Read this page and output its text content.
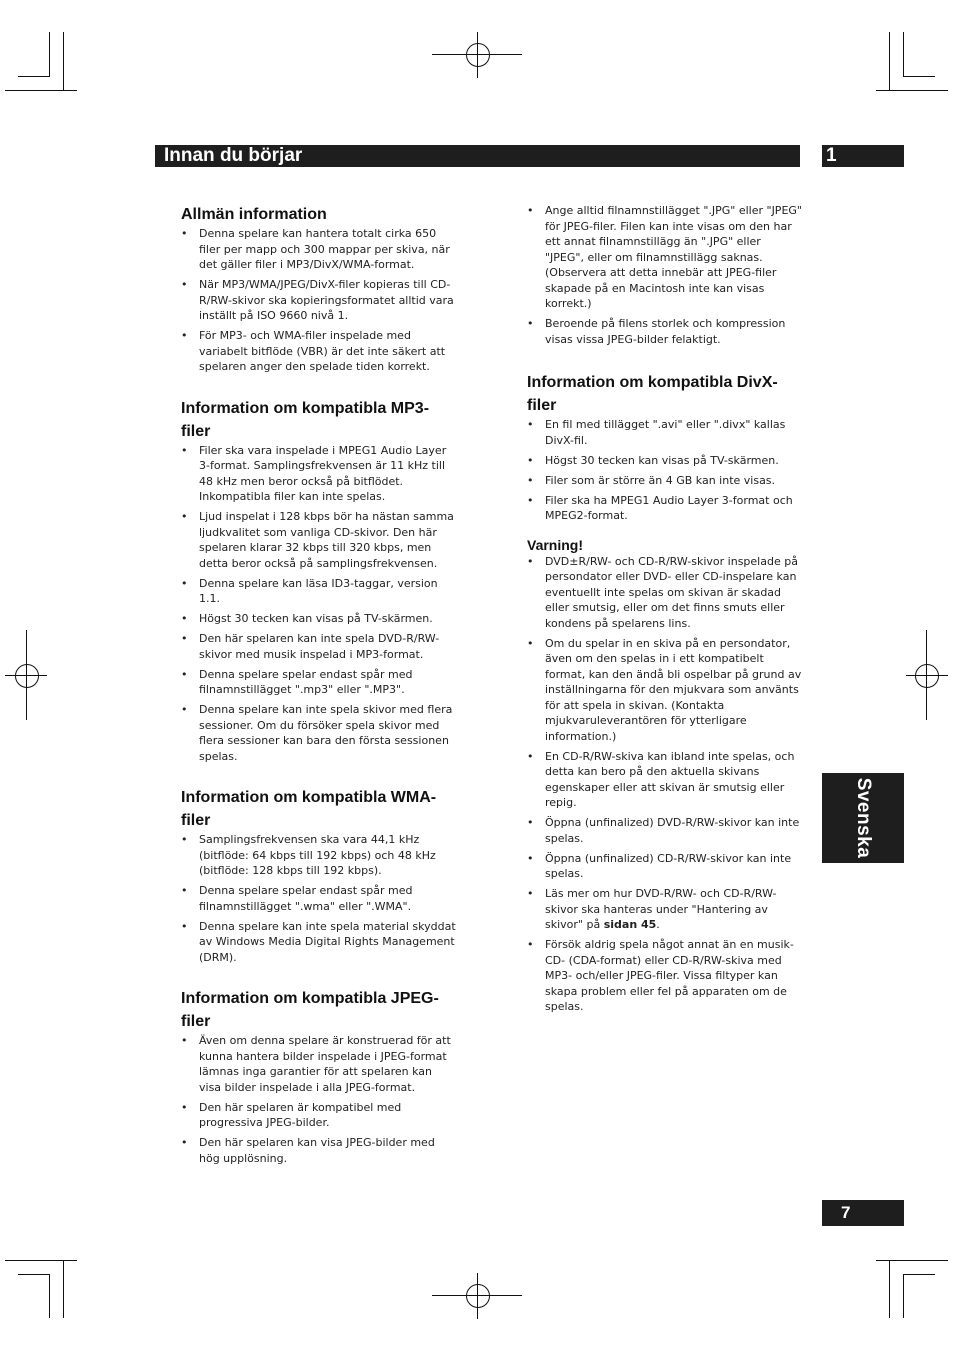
Innan du börjar	1
Svenska
Allmän information
• Denna spelare kan hantera totalt cirka 650 filer per mapp och 300 mappar per skiva, när det gäller filer i MP3/DivX/WMA-format.
• När MP3/WMA/JPEG/DivX-filer kopieras till CD-R/RW-skivor ska kopieringsformatet alltid vara inställt på ISO 9660 nivå 1.
• För MP3- och WMA-filer inspelade med variabelt bitflöde (VBR) är det inte säkert att spelaren anger den spelade tiden korrekt.
Information om kompatibla MP3-filer
• Filer ska vara inspelade i MPEG1 Audio Layer 3-format. Samplingsfrekvensen är 11 kHz till 48 kHz men beror också på bitflödet. Inkompatibla filer kan inte spelas.
• Ljud inspelat i 128 kbps bör ha nästan samma ljudkvalitet som vanliga CD-skivor. Den här spelaren klarar 32 kbps till 320 kbps, men detta beror också på samplingsfrekvensen.
• Denna spelare kan läsa ID3-taggar, version 1.1.
• Högst 30 tecken kan visas på TV-skärmen.
• Den här spelaren kan inte spela DVD-R/RW-skivor med musik inspelad i MP3-format.
• Denna spelare spelar endast spår med filnamnstillägget ".mp3" eller ".MP3".
• Denna spelare kan inte spela skivor med flera sessioner. Om du försöker spela skivor med flera sessioner kan bara den första sessionen spelas.
Information om kompatibla WMA-filer
• Samplingsfrekvensen ska vara 44,1 kHz (bitflöde: 64 kbps till 192 kbps) och 48 kHz (bitflöde: 128 kbps till 192 kbps).
• Denna spelare spelar endast spår med filnamnstillägget ".wma" eller ".WMA".
• Denna spelare kan inte spela material skyddat av Windows Media Digital Rights Management (DRM).
Information om kompatibla JPEG-filer
• Även om denna spelare är konstruerad för att kunna hantera bilder inspelade i JPEG-format lämnas inga garantier för att spelaren kan visa bilder inspelade i alla JPEG-format.
• Den här spelaren är kompatibel med progressiva JPEG-bilder.
• Den här spelaren kan visa JPEG-bilder med hög upplösning.
• Ange alltid filnamnstillägget ".JPG" eller "JPEG" för JPEG-filer. Filen kan inte visas om den har ett annat filnamnstillägg än ".JPG" eller "JPEG", eller om filnamnstillägg saknas. (Observera att detta innebär att JPEG-filer skapade på en Macintosh inte kan visas korrekt.)
• Beroende på filens storlek och kompression visas vissa JPEG-bilder felaktigt.
Information om kompatibla DivX-filer
• En fil med tillägget ".avi" eller ".divx" kallas DivX-fil.
• Högst 30 tecken kan visas på TV-skärmen.
• Filer som är större än 4 GB kan inte visas.
• Filer ska ha MPEG1 Audio Layer 3-format och MPEG2-format.
Varning!
• DVD±R/RW- och CD-R/RW-skivor inspelade på persondator eller DVD- eller CD-inspelare kan eventuellt inte spelas om skivan är skadad eller smutsig, eller om det finns smuts eller kondens på spelarens lins.
• Om du spelar in en skiva på en persondator, även om den spelas in i ett kompatibelt format, kan den ändå bli ospelbar på grund av inställningarna för den mjukvara som använts för att spela in skivan. (Kontakta mjukvaruleverantören för ytterligare information.)
• En CD-R/RW-skiva kan ibland inte spelas, och detta kan bero på den aktuella skivans egenskaper eller att skivan är smutsig eller repig.
• Öppna (unfinalized) DVD-R/RW-skivor kan inte spelas.
• Öppna (unfinalized) CD-R/RW-skivor kan inte spelas.
• Läs mer om hur DVD-R/RW- och CD-R/RW-skivor ska hanteras under "Hantering av skivor" på sidan 45.
• Försök aldrig spela något annat än en musik-CD- (CDA-format) eller CD-R/RW-skiva med MP3- och/eller JPEG-filer. Vissa filtyper kan skapa problem eller fel på apparaten om de spelas.
7
